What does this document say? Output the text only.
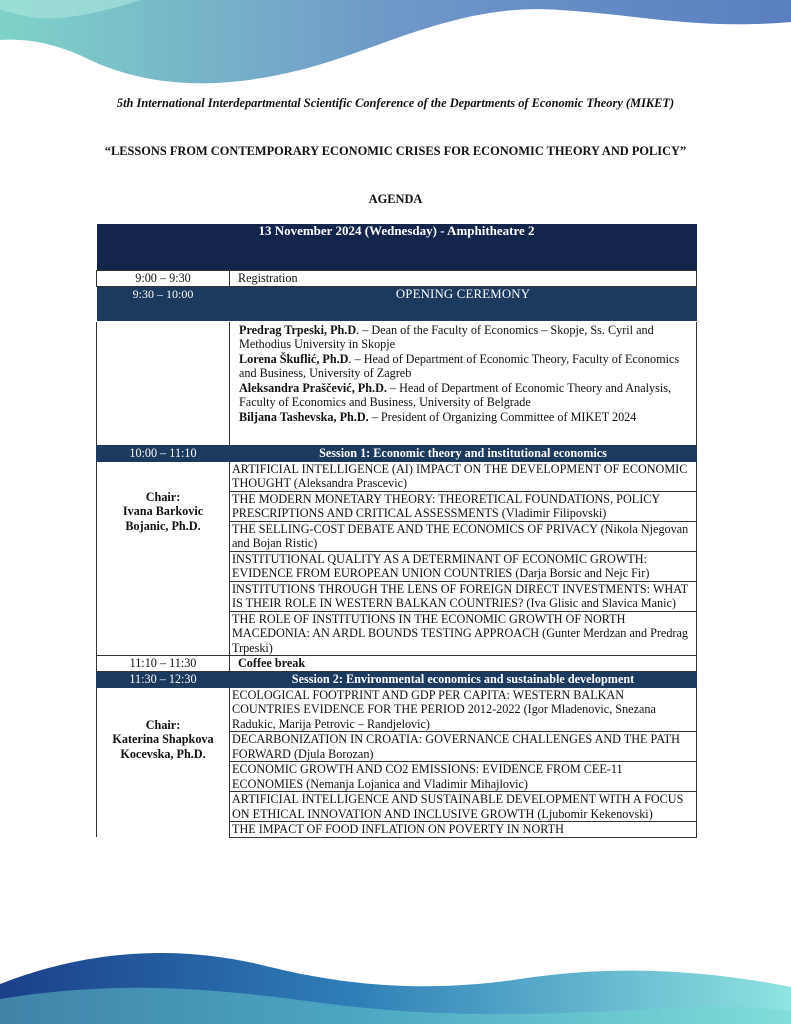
5th International Interdepartmental Scientific Conference of the Departments of Economic Theory (MIKET)
“LESSONS FROM CONTEMPORARY ECONOMIC CRISES FOR ECONOMIC THEORY AND POLICY”
AGENDA
13 November 2024 (Wednesday) - Amphitheatre 2	
9:00 – 9:30	Registration
9:30 – 10:00	OPENING CEREMONY

	Predrag Trpeski, Ph.D. – Dean of the Faculty of Economics – Skopje, Ss. Cyril and Methodius University in Skopje
Lorena Škuflić, Ph.D. – Head of Department of Economic Theory, Faculty of Economics and Business, University of Zagreb
Aleksandra Praščević, Ph.D. – Head of Department of Economic Theory and Analysis, Faculty of Economics and Business, University of Belgrade
Biljana Tashevska, Ph.D. – President of Organizing Committee of MIKET 2024

10:00 – 11:10	Session 1: Economic theory and institutional economics

Chair:
Ivana Barkovic Bojanic, Ph.D.	ARTIFICIAL INTELLIGENCE (AI) IMPACT ON THE DEVELOPMENT OF ECONOMIC THOUGHT (Aleksandra Prascevic)
	THE MODERN MONETARY THEORY: THEORETICAL FOUNDATIONS, POLICY PRESCRIPTIONS AND CRITICAL ASSESSMENTS (Vladimir Filipovski)
	THE SELLING-COST DEBATE AND THE ECONOMICS OF PRIVACY (Nikola Njegovan and Bojan Ristic)
	INSTITUTIONAL QUALITY AS A DETERMINANT OF ECONOMIC GROWTH: EVIDENCE FROM EUROPEAN UNION COUNTRIES (Darja Borsic and Nejc Fir)
	INSTITUTIONS THROUGH THE LENS OF FOREIGN DIRECT INVESTMENTS: WHAT IS THEIR ROLE IN WESTERN BALKAN COUNTRIES? (Iva Glisic and Slavica Manic)
	THE ROLE OF INSTITUTIONS IN THE ECONOMIC GROWTH OF NORTH MACEDONIA: AN ARDL BOUNDS TESTING APPROACH (Gunter Merdzan and Predrag Trpeski)
11:10 – 11:30	Coffee break
11:30 – 12:30	Session 2: Environmental economics and sustainable development

Chair:
Katerina Shapkova Kocevska, Ph.D.	ECOLOGICAL FOOTPRINT AND GDP PER CAPITA: WESTERN BALKAN COUNTRIES EVIDENCE FOR THE PERIOD 2012-2022 (Igor Mladenovic, Snezana Radukic, Marija Petrovic – Randjelovic)
	DECARBONIZATION IN CROATIA: GOVERNANCE CHALLENGES AND THE PATH FORWARD (Djula Borozan)
	ECONOMIC GROWTH AND CO2 EMISSIONS: EVIDENCE FROM CEE-11 ECONOMIES (Nemanja Lojanica and Vladimir Mihajlovic)
	ARTIFICIAL INTELLIGENCE AND SUSTAINABLE DEVELOPMENT WITH A FOCUS ON ETHICAL INNOVATION AND INCLUSIVE GROWTH (Ljubomir Kekenovski)
	THE IMPACT OF FOOD INFLATION ON POVERTY IN NORTH
